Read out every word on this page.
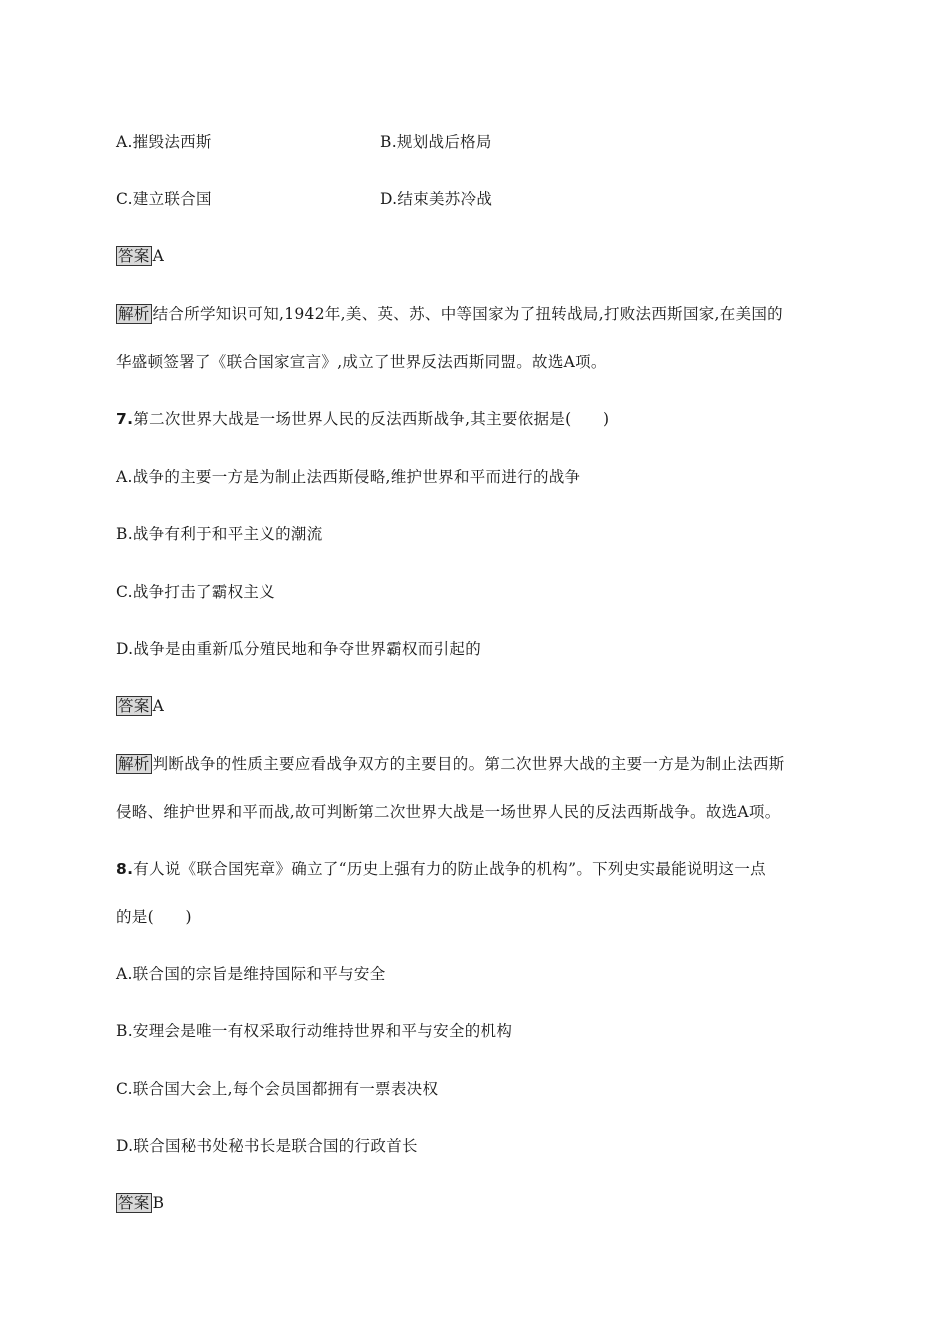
A.摧毁法西斯	B.规划战后格局
C.建立联合国	D.结束美苏冷战
答案 A
解析 结合所学知识可知,1942年,美、英、苏、中等国家为了扭转战局,打败法西斯国家,在美国的
华盛顿签署了《联合国家宣言》,成立了世界反法西斯同盟。故选A项。
7.第二次世界大战是一场世界人民的反法西斯战争,其主要依据是(　　)
A.战争的主要一方是为制止法西斯侵略,维护世界和平而进行的战争
B.战争有利于和平主义的潮流
C.战争打击了霸权主义
D.战争是由重新瓜分殖民地和争夺世界霸权而引起的
答案 A
解析 判断战争的性质主要应看战争双方的主要目的。第二次世界大战的主要一方是为制止法西斯
侵略、维护世界和平而战,故可判断第二次世界大战是一场世界人民的反法西斯战争。故选A项。
8.有人说《联合国宪章》确立了“历史上强有力的防止战争的机构”。下列史实最能说明这一点
的是(　　)
A.联合国的宗旨是维持国际和平与安全
B.安理会是唯一有权采取行动维持世界和平与安全的机构
C.联合国大会上,每个会员国都拥有一票表决权
D.联合国秘书处秘书长是联合国的行政首长
答案 B
